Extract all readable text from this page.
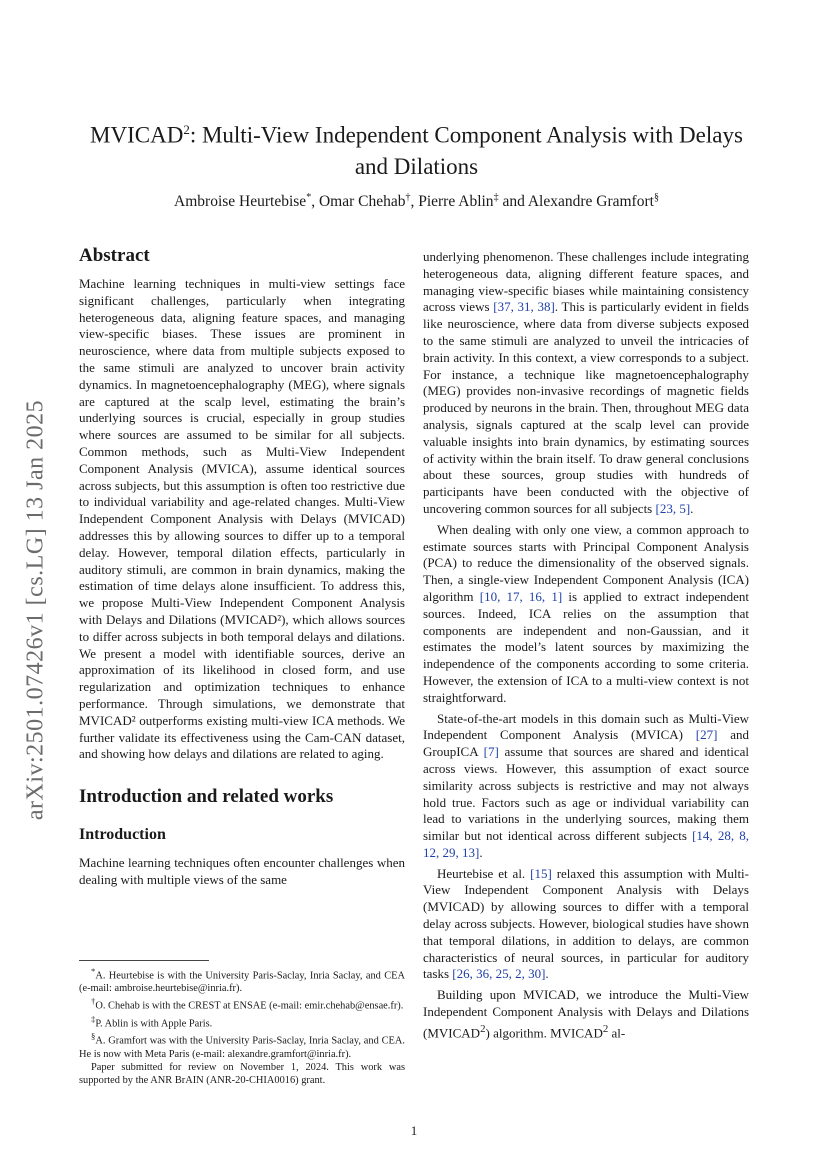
arXiv:2501.07426v1 [cs.LG] 13 Jan 2025
MVICAD$^2$: Multi-View Independent Component Analysis with Delays and Dilations
Ambroise Heurtebise*, Omar Chehab†, Pierre Ablin‡ and Alexandre Gramfort§
Abstract

Machine learning techniques in multi-view settings face significant challenges, particularly when integrating heterogeneous data, aligning feature spaces, and managing view-specific biases. These issues are prominent in neuroscience, where data from multiple subjects exposed to the same stimuli are analyzed to uncover brain activity dynamics. In magnetoencephalography (MEG), where signals are captured at the scalp level, estimating the brain’s underlying sources is crucial, especially in group studies where sources are assumed to be similar for all subjects. Common methods, such as Multi-View Independent Component Analysis (MVICA), assume identical sources across subjects, but this assumption is often too restrictive due to individual variability and age-related changes. Multi-View Independent Component Analysis with Delays (MVICAD) addresses this by allowing sources to differ up to a temporal delay. However, temporal dilation effects, particularly in auditory stimuli, are common in brain dynamics, making the estimation of time delays alone insufficient. To address this, we propose Multi-View Independent Component Analysis with Delays and Dilations (MVICAD²), which allows sources to differ across subjects in both temporal delays and dilations. We present a model with identifiable sources, derive an approximation of its likelihood in closed form, and use regularization and optimization techniques to enhance performance. Through simulations, we demonstrate that MVICAD² outperforms existing multi-view ICA methods. We further validate its effectiveness using the Cam-CAN dataset, and showing how delays and dilations are related to aging.

Introduction and related works
Introduction

Machine learning techniques often encounter challenges when dealing with multiple views of the same

*A. Heurtebise is with the University Paris-Saclay, Inria Saclay, and CEA (e-mail: ambroise.heurtebise@inria.fr).

†O. Chehab is with the CREST at ENSAE (e-mail: emir.chehab@ensae.fr).

‡P. Ablin is with Apple Paris.

§A. Gramfort was with the University Paris-Saclay, Inria Saclay, and CEA. He is now with Meta Paris (e-mail: alexandre.gramfort@inria.fr).

Paper submitted for review on November 1, 2024. This work was supported by the ANR BrAIN (ANR-20-CHIA0016) grant.

underlying phenomenon. These challenges include integrating heterogeneous data, aligning different feature spaces, and managing view-specific biases while maintaining consistency across views [37, 31, 38]. This is particularly evident in fields like neuroscience, where data from diverse subjects exposed to the same stimuli are analyzed to unveil the intricacies of brain activity. In this context, a view corresponds to a subject. For instance, a technique like magnetoencephalography (MEG) provides non-invasive recordings of magnetic fields produced by neurons in the brain. Then, throughout MEG data analysis, signals captured at the scalp level can provide valuable insights into brain dynamics, by estimating sources of activity within the brain itself. To draw general conclusions about these sources, group studies with hundreds of participants have been conducted with the objective of uncovering common sources for all subjects [23, 5].

When dealing with only one view, a common approach to estimate sources starts with Principal Component Analysis (PCA) to reduce the dimensionality of the observed signals. Then, a single-view Independent Component Analysis (ICA) algorithm [10, 17, 16, 1] is applied to extract independent sources. Indeed, ICA relies on the assumption that components are independent and non-Gaussian, and it estimates the model’s latent sources by maximizing the independence of the components according to some criteria. However, the extension of ICA to a multi-view context is not straightforward.

State-of-the-art models in this domain such as Multi-View Independent Component Analysis (MVICA) [27] and GroupICA [7] assume that sources are shared and identical across views. However, this assumption of exact source similarity across subjects is restrictive and may not always hold true. Factors such as age or individual variability can lead to variations in the underlying sources, making them similar but not identical across different subjects [14, 28, 8, 12, 29, 13].

Heurtebise et al. [15] relaxed this assumption with Multi-View Independent Component Analysis with Delays (MVICAD) by allowing sources to differ with a temporal delay across subjects. However, biological studies have shown that temporal dilations, in addition to delays, are common characteristics of neural sources, in particular for auditory tasks [26, 36, 25, 2, 30].

Building upon MVICAD, we introduce the Multi-View Independent Component Analysis with Delays and Dilations (MVICAD$^2$) algorithm. MVICAD$^2$ al-

1
